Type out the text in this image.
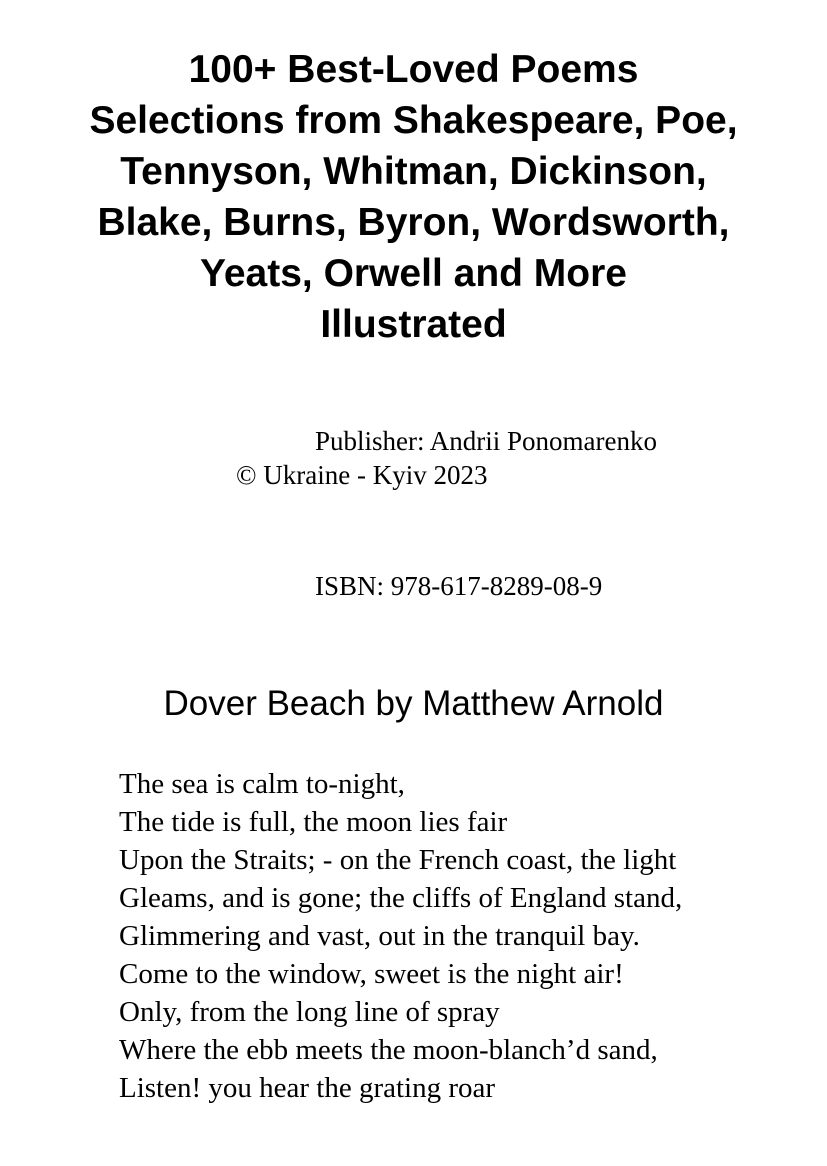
100+ Best-Loved Poems
Selections from Shakespeare, Poe,
Tennyson, Whitman, Dickinson,
Blake, Burns, Byron, Wordsworth,
Yeats, Orwell and More
Illustrated

Publisher: Andrii Ponomarenko

© Ukraine - Kyiv 2023

ISBN: 978-617-8289-08-9

Dover Beach by Matthew Arnold
The sea is calm to-night,
The tide is full, the moon lies fair
Upon the Straits; - on the French coast, the light
Gleams, and is gone; the cliffs of England stand,
Glimmering and vast, out in the tranquil bay.
Come to the window, sweet is the night air!
Only, from the long line of spray
Where the ebb meets the moon-blanch’d sand,
Listen! you hear the grating roar
